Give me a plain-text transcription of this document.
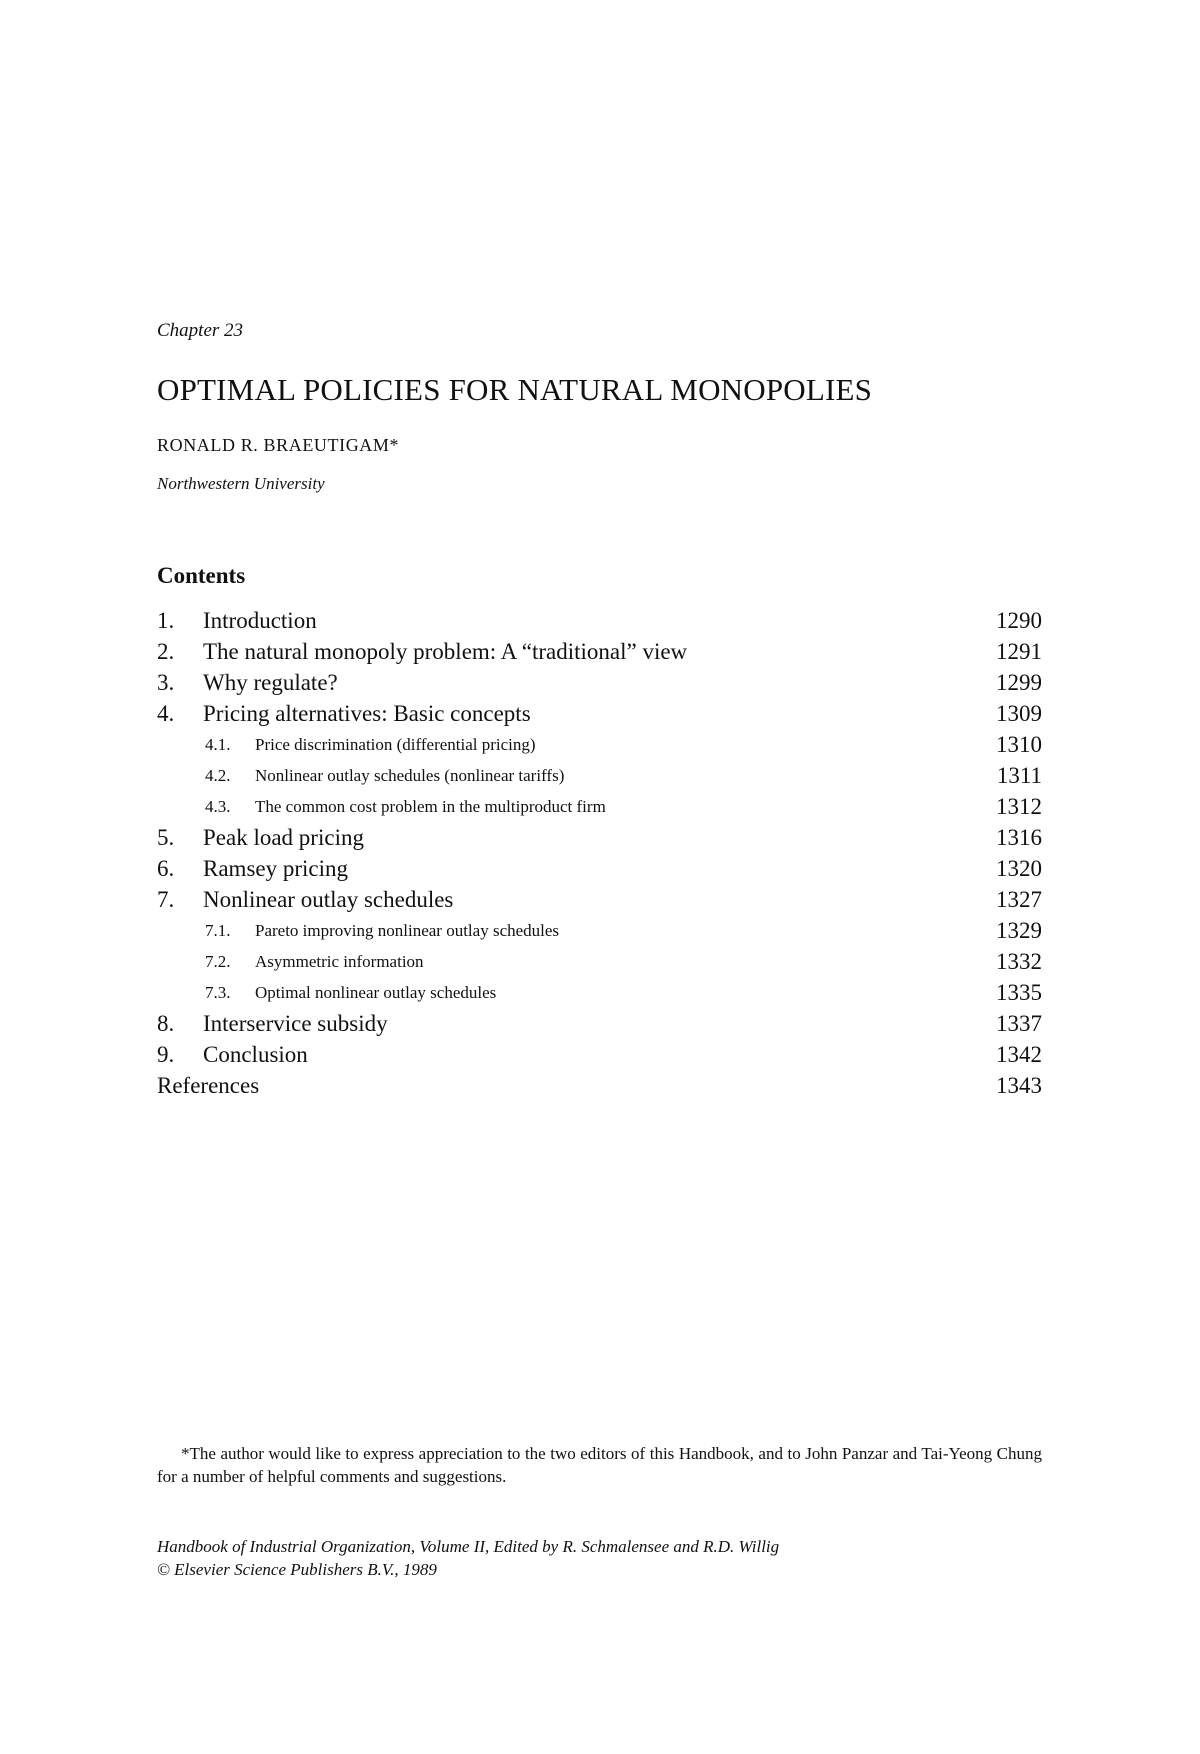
Chapter 23
OPTIMAL POLICIES FOR NATURAL MONOPOLIES
RONALD R. BRAEUTIGAM*
Northwestern University
Contents
1. Introduction	1290
2. The natural monopoly problem: A “traditional” view	1291
3. Why regulate?	1299
4. Pricing alternatives: Basic concepts	1309
4.1. Price discrimination (differential pricing)	1310
4.2. Nonlinear outlay schedules (nonlinear tariffs)	1311
4.3. The common cost problem in the multiproduct firm	1312
5. Peak load pricing	1316
6. Ramsey pricing	1320
7. Nonlinear outlay schedules	1327
7.1. Pareto improving nonlinear outlay schedules	1329
7.2. Asymmetric information	1332
7.3. Optimal nonlinear outlay schedules	1335
8. Interservice subsidy	1337
9. Conclusion	1342
References	1343
*The author would like to express appreciation to the two editors of this Handbook, and to John Panzar and Tai-Yeong Chung for a number of helpful comments and suggestions.
Handbook of Industrial Organization, Volume II, Edited by R. Schmalensee and R.D. Willig
© Elsevier Science Publishers B.V., 1989
